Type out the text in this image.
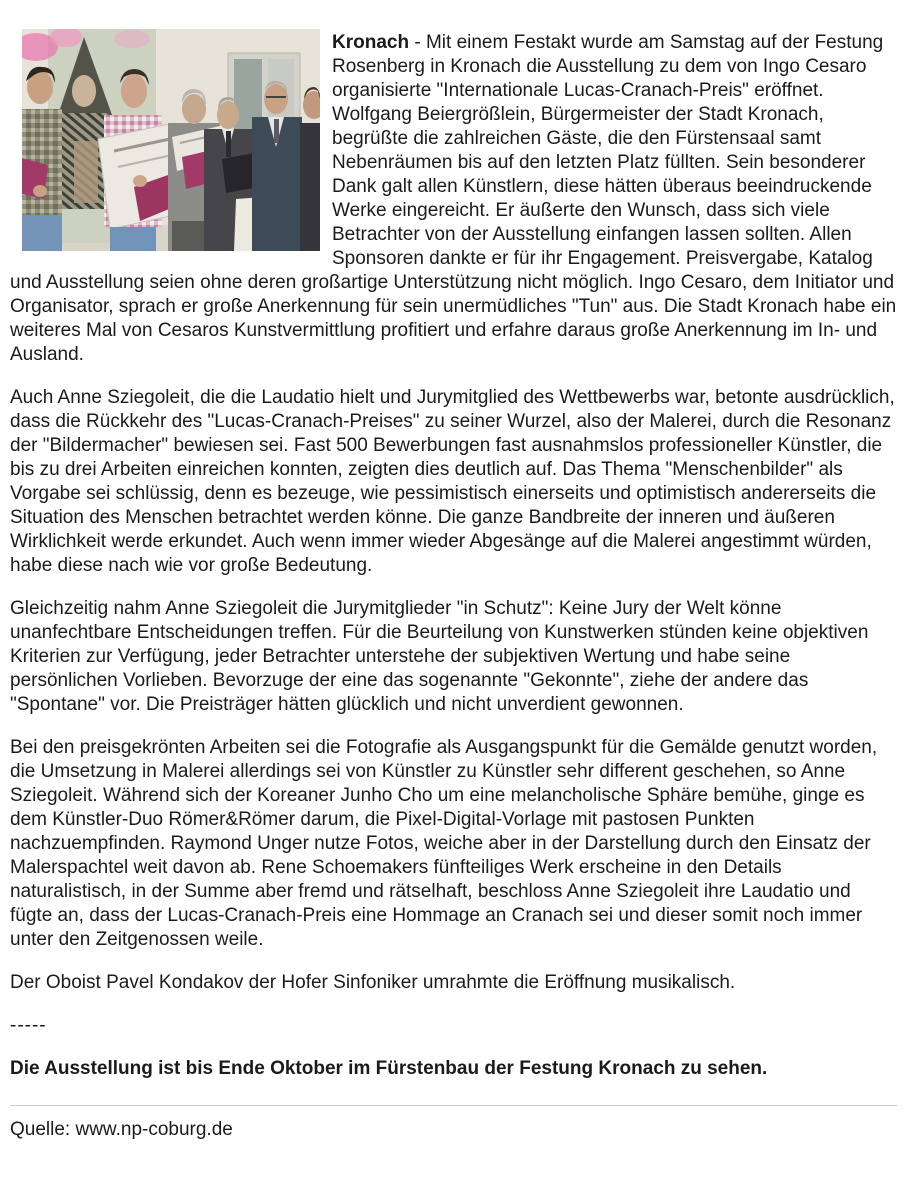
Kronach - Mit einem Festakt wurde am Samstag auf der Festung Rosenberg in Kronach die Ausstellung zu dem von Ingo Cesaro organisierte "Internationale Lucas-Cranach-Preis" eröffnet. Wolfgang Beiergrößlein, Bürgermeister der Stadt Kronach, begrüßte die zahlreichen Gäste, die den Fürstensaal samt Nebenräumen bis auf den letzten Platz füllten. Sein besonderer Dank galt allen Künstlern, diese hätten überaus beeindruckende Werke eingereicht. Er äußerte den Wunsch, dass sich viele Betrachter von der Ausstellung einfangen lassen sollten. Allen Sponsoren dankte er für ihr Engagement. Preisvergabe, Katalog und Ausstellung seien ohne deren großartige Unterstützung nicht möglich. Ingo Cesaro, dem Initiator und Organisator, sprach er große Anerkennung für sein unermüdliches "Tun" aus. Die Stadt Kronach habe ein weiteres Mal von Cesaros Kunstvermittlung profitiert und erfahre daraus große Anerkennung im In- und Ausland.

Auch Anne Sziegoleit, die die Laudatio hielt und Jurymitglied des Wettbewerbs war, betonte ausdrücklich, dass die Rückkehr des "Lucas-Cranach-Preises" zu seiner Wurzel, also der Malerei, durch die Resonanz der "Bildermacher" bewiesen sei. Fast 500 Bewerbungen fast ausnahmslos professioneller Künstler, die bis zu drei Arbeiten einreichen konnten, zeigten dies deutlich auf. Das Thema "Menschenbilder" als Vorgabe sei schlüssig, denn es bezeuge, wie pessimistisch einerseits und optimistisch andererseits die Situation des Menschen betrachtet werden könne. Die ganze Bandbreite der inneren und äußeren Wirklichkeit werde erkundet. Auch wenn immer wieder Abgesänge auf die Malerei angestimmt würden, habe diese nach wie vor große Bedeutung.

Gleichzeitig nahm Anne Sziegoleit die Jurymitglieder "in Schutz": Keine Jury der Welt könne unanfechtbare Entscheidungen treffen. Für die Beurteilung von Kunstwerken stünden keine objektiven Kriterien zur Verfügung, jeder Betrachter unterstehe der subjektiven Wertung und habe seine persönlichen Vorlieben. Bevorzuge der eine das sogenannte "Gekonnte", ziehe der andere das "Spontane" vor. Die Preisträger hätten glücklich und nicht unverdient gewonnen.

Bei den preisgekrönten Arbeiten sei die Fotografie als Ausgangspunkt für die Gemälde genutzt worden, die Umsetzung in Malerei allerdings sei von Künstler zu Künstler sehr different geschehen, so Anne Sziegoleit. Während sich der Koreaner Junho Cho um eine melancholische Sphäre bemühe, ginge es dem Künstler-Duo Römer&Römer darum, die Pixel-Digital-Vorlage mit pastosen Punkten nachzuempfinden. Raymond Unger nutze Fotos, weiche aber in der Darstellung durch den Einsatz der Malerspachtel weit davon ab. Rene Schoemakers fünfteiliges Werk erscheine in den Details naturalistisch, in der Summe aber fremd und rätselhaft, beschloss Anne Sziegoleit ihre Laudatio und fügte an, dass der Lucas-Cranach-Preis eine Hommage an Cranach sei und dieser somit noch immer unter den Zeitgenossen weile.

Der Oboist Pavel Kondakov der Hofer Sinfoniker umrahmte die Eröffnung musikalisch.

-----

Die Ausstellung ist bis Ende Oktober im Fürstenbau der Festung Kronach zu sehen.

Quelle: www.np-coburg.de
